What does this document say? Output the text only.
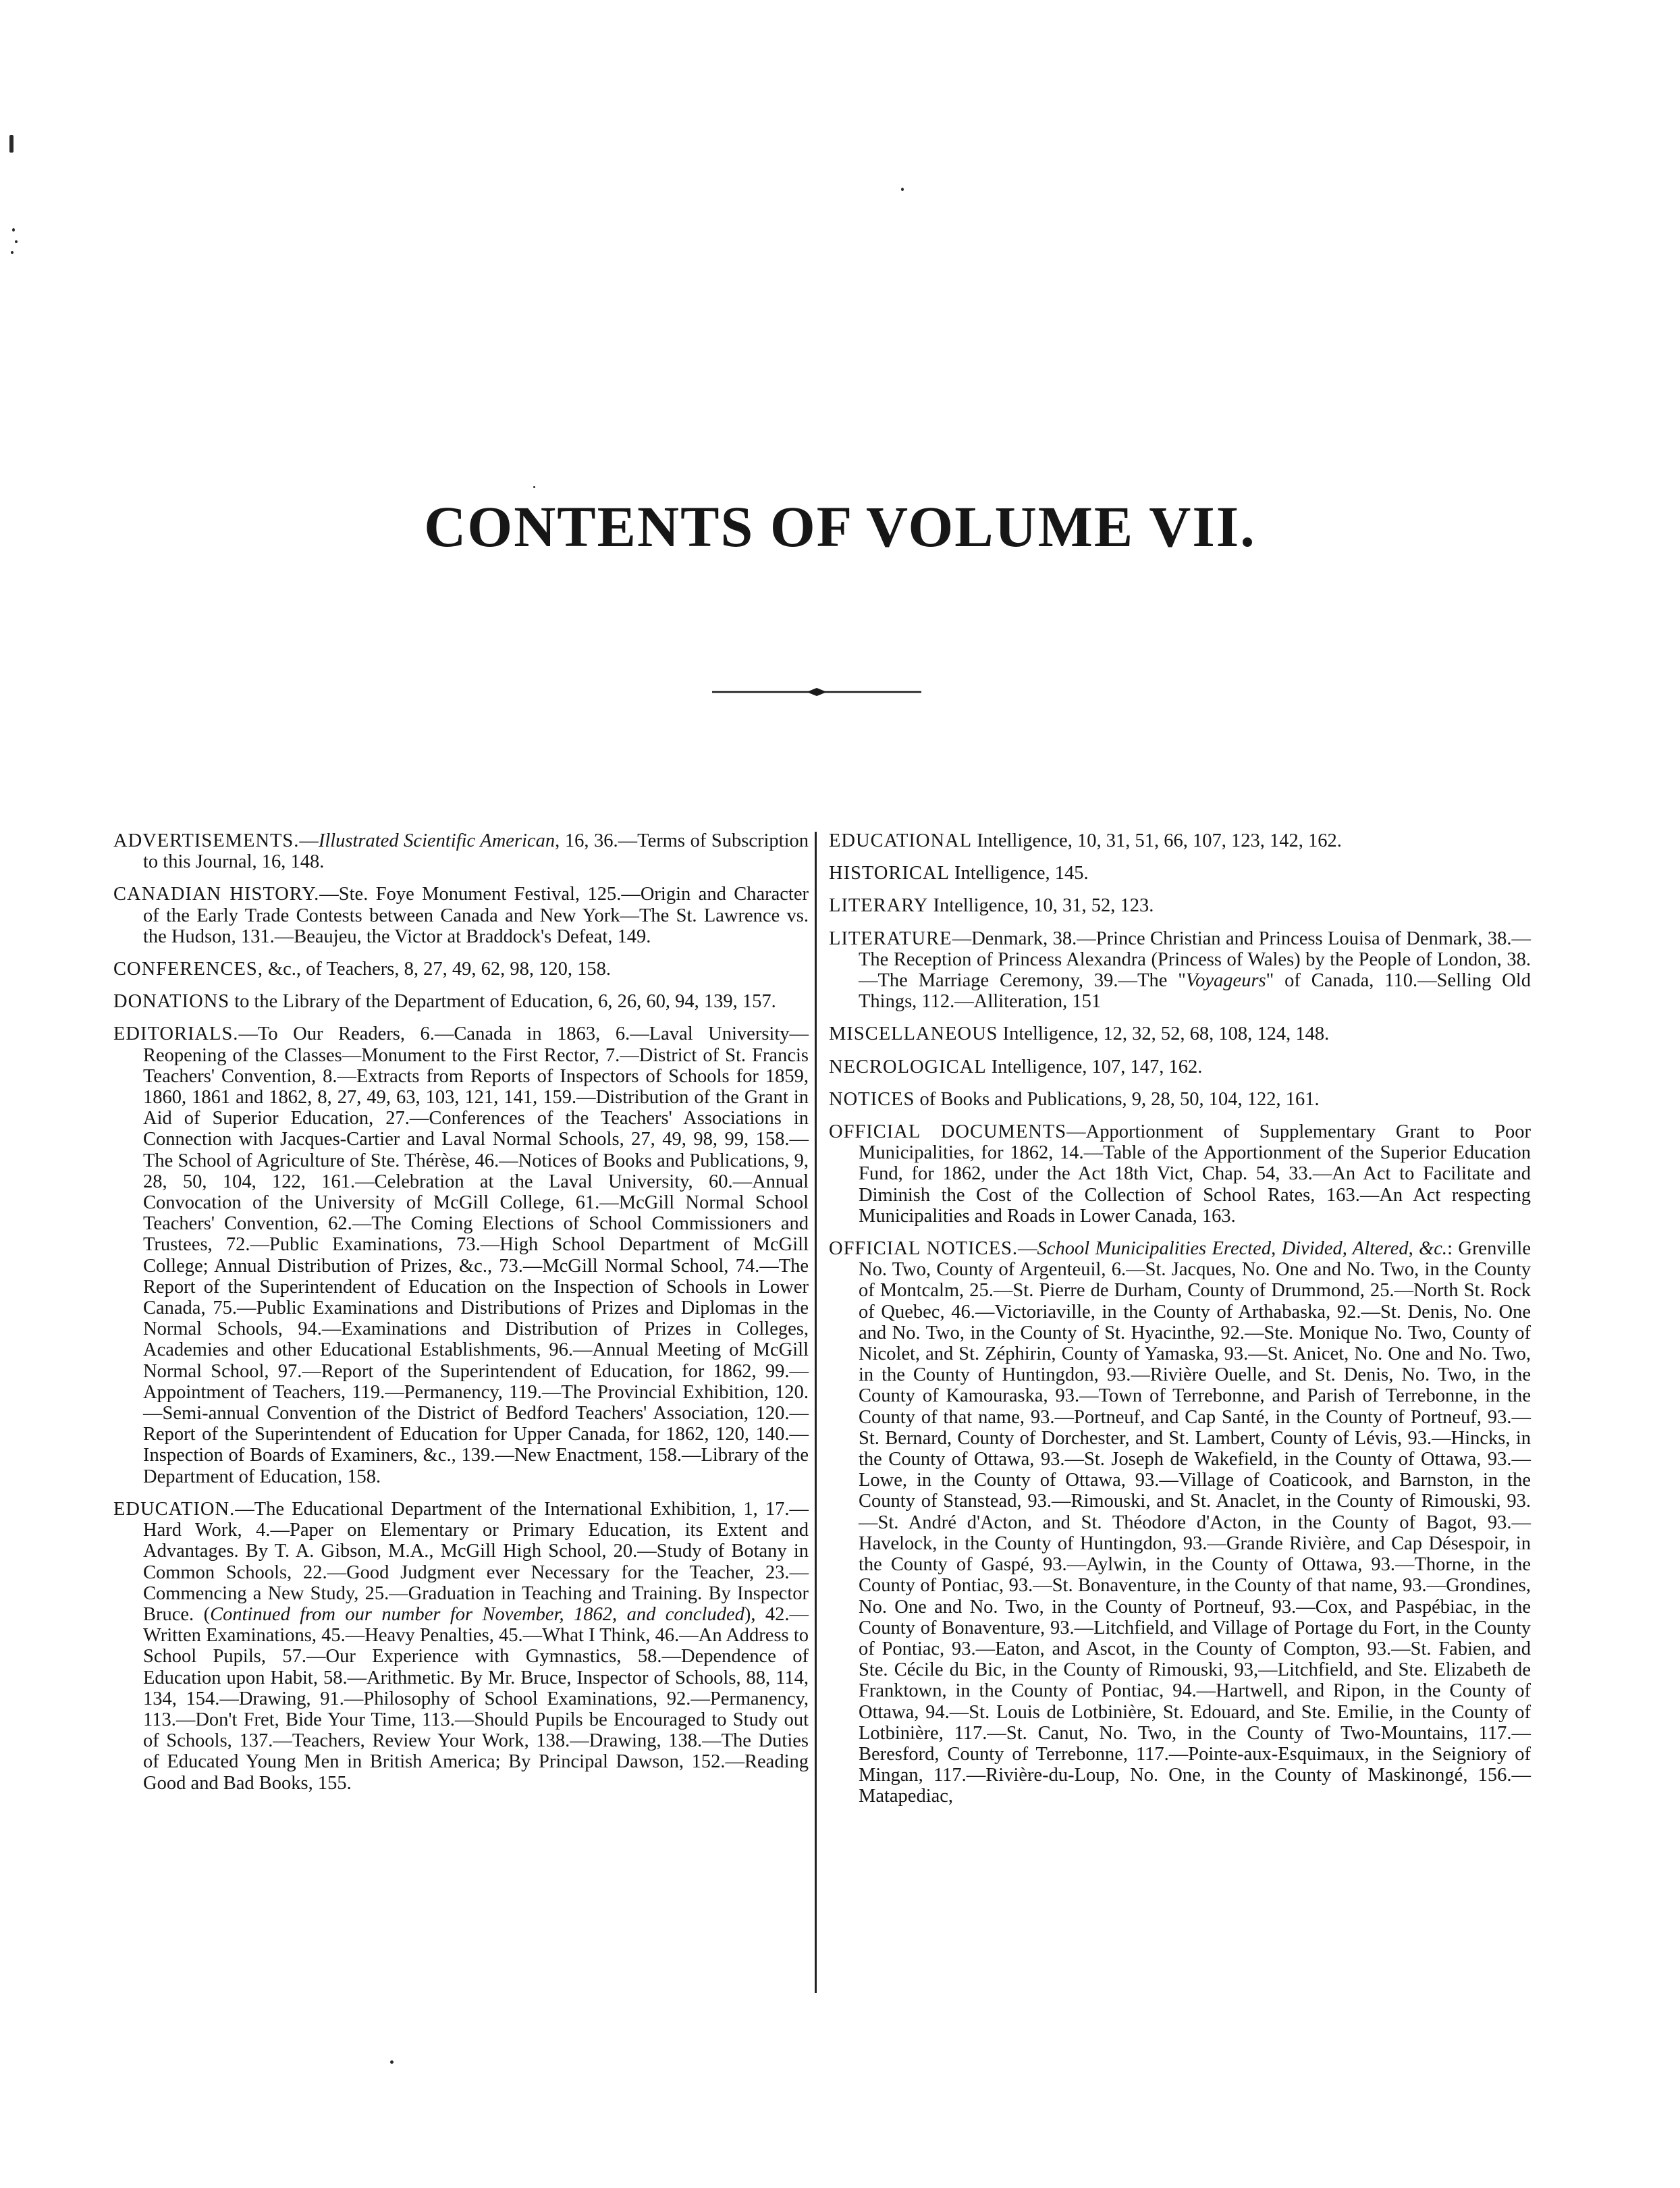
CONTENTS OF VOLUME VII.

ADVERTISEMENTS.—Illustrated Scientific American, 16, 36.—Terms of Subscription to this Journal, 16, 148.

CANADIAN HISTORY.—Ste. Foye Monument Festival, 125.—Origin and Character of the Early Trade Contests between Canada and New York—The St. Lawrence vs. the Hudson, 131.—Beaujeu, the Victor at Braddock's Defeat, 149.

CONFERENCES, &c., of Teachers, 8, 27, 49, 62, 98, 120, 158.

DONATIONS to the Library of the Department of Education, 6, 26, 60, 94, 139, 157.

EDITORIALS.—To Our Readers, 6.—Canada in 1863, 6.—Laval University—Reopening of the Classes—Monument to the First Rector, 7.—District of St. Francis Teachers' Convention, 8.—Extracts from Reports of Inspectors of Schools for 1859, 1860, 1861 and 1862, 8, 27, 49, 63, 103, 121, 141, 159.—Distribution of the Grant in Aid of Superior Education, 27.—Conferences of the Teachers' Associations in Connection with Jacques-Cartier and Laval Normal Schools, 27, 49, 98, 99, 158.—The School of Agriculture of Ste. Thérèse, 46.—Notices of Books and Publications, 9, 28, 50, 104, 122, 161.—Celebration at the Laval University, 60.—Annual Convocation of the University of McGill College, 61.—McGill Normal School Teachers' Convention, 62.—The Coming Elections of School Commissioners and Trustees, 72.—Public Examinations, 73.—High School Department of McGill College; Annual Distribution of Prizes, &c., 73.—McGill Normal School, 74.—The Report of the Superintendent of Education on the Inspection of Schools in Lower Canada, 75.—Public Examinations and Distributions of Prizes and Diplomas in the Normal Schools, 94.—Examinations and Distribution of Prizes in Colleges, Academies and other Educational Establishments, 96.—Annual Meeting of McGill Normal School, 97.—Report of the Superintendent of Education, for 1862, 99.—Appointment of Teachers, 119.—Permanency, 119.—The Provincial Exhibition, 120.—Semi-annual Convention of the District of Bedford Teachers' Association, 120.—Report of the Superintendent of Education for Upper Canada, for 1862, 120, 140.—Inspection of Boards of Examiners, &c., 139.—New Enactment, 158.—Library of the Department of Education, 158.

EDUCATION.—The Educational Department of the International Exhibition, 1, 17.—Hard Work, 4.—Paper on Elementary or Primary Education, its Extent and Advantages. By T. A. Gibson, M.A., McGill High School, 20.—Study of Botany in Common Schools, 22.—Good Judgment ever Necessary for the Teacher, 23.—Commencing a New Study, 25.—Graduation in Teaching and Training. By Inspector Bruce. (Continued from our number for November, 1862, and concluded), 42.—Written Examinations, 45.—Heavy Penalties, 45.—What I Think, 46.—An Address to School Pupils, 57.—Our Experience with Gymnastics, 58.—Dependence of Education upon Habit, 58.—Arithmetic. By Mr. Bruce, Inspector of Schools, 88, 114, 134, 154.—Drawing, 91.—Philosophy of School Examinations, 92.—Permanency, 113.—Don't Fret, Bide Your Time, 113.—Should Pupils be Encouraged to Study out of Schools, 137.—Teachers, Review Your Work, 138.—Drawing, 138.—The Duties of Educated Young Men in British America; By Principal Dawson, 152.—Reading Good and Bad Books, 155.

EDUCATIONAL Intelligence, 10, 31, 51, 66, 107, 123, 142, 162.

HISTORICAL Intelligence, 145.

LITERARY Intelligence, 10, 31, 52, 123.

LITERATURE—Denmark, 38.—Prince Christian and Princess Louisa of Denmark, 38.—The Reception of Princess Alexandra (Princess of Wales) by the People of London, 38.—The Marriage Ceremony, 39.—The "Voyageurs" of Canada, 110.—Selling Old Things, 112.—Alliteration, 151

MISCELLANEOUS Intelligence, 12, 32, 52, 68, 108, 124, 148.

NECROLOGICAL Intelligence, 107, 147, 162.

NOTICES of Books and Publications, 9, 28, 50, 104, 122, 161.

OFFICIAL DOCUMENTS—Apportionment of Supplementary Grant to Poor Municipalities, for 1862, 14.—Table of the Apportionment of the Superior Education Fund, for 1862, under the Act 18th Vict, Chap. 54, 33.—An Act to Facilitate and Diminish the Cost of the Collection of School Rates, 163.—An Act respecting Municipalities and Roads in Lower Canada, 163.

OFFICIAL NOTICES.—School Municipalities Erected, Divided, Altered, &c.: Grenville No. Two, County of Argenteuil, 6.—St. Jacques, No. One and No. Two, in the County of Montcalm, 25.—St. Pierre de Durham, County of Drummond, 25.—North St. Rock of Quebec, 46.—Victoriaville, in the County of Arthabaska, 92.—St. Denis, No. One and No. Two, in the County of St. Hyacinthe, 92.—Ste. Monique No. Two, County of Nicolet, and St. Zéphirin, County of Yamaska, 93.—St. Anicet, No. One and No. Two, in the County of Huntingdon, 93.—Rivière Ouelle, and St. Denis, No. Two, in the County of Kamouraska, 93.—Town of Terrebonne, and Parish of Terrebonne, in the County of that name, 93.—Portneuf, and Cap Santé, in the County of Portneuf, 93.—St. Bernard, County of Dorchester, and St. Lambert, County of Lévis, 93.—Hincks, in the County of Ottawa, 93.—St. Joseph de Wakefield, in the County of Ottawa, 93.—Lowe, in the County of Ottawa, 93.—Village of Coaticook, and Barnston, in the County of Stanstead, 93.—Rimouski, and St. Anaclet, in the County of Rimouski, 93.—St. André d'Acton, and St. Théodore d'Acton, in the County of Bagot, 93.—Havelock, in the County of Huntingdon, 93.—Grande Rivière, and Cap Désespoir, in the County of Gaspé, 93.—Aylwin, in the County of Ottawa, 93.—Thorne, in the County of Pontiac, 93.—St. Bonaventure, in the County of that name, 93.—Grondines, No. One and No. Two, in the County of Portneuf, 93.—Cox, and Paspébiac, in the County of Bonaventure, 93.—Litchfield, and Village of Portage du Fort, in the County of Pontiac, 93.—Eaton, and Ascot, in the County of Compton, 93.—St. Fabien, and Ste. Cécile du Bic, in the County of Rimouski, 93,—Litchfield, and Ste. Elizabeth de Franktown, in the County of Pontiac, 94.—Hartwell, and Ripon, in the County of Ottawa, 94.—St. Louis de Lotbinière, St. Edouard, and Ste. Emilie, in the County of Lotbinière, 117.—St. Canut, No. Two, in the County of Two-Mountains, 117.—Beresford, County of Terrebonne, 117.—Pointe-aux-Esquimaux, in the Seigniory of Mingan, 117.—Rivière-du-Loup, No. One, in the County of Maskinongé, 156.—Matapediac,
